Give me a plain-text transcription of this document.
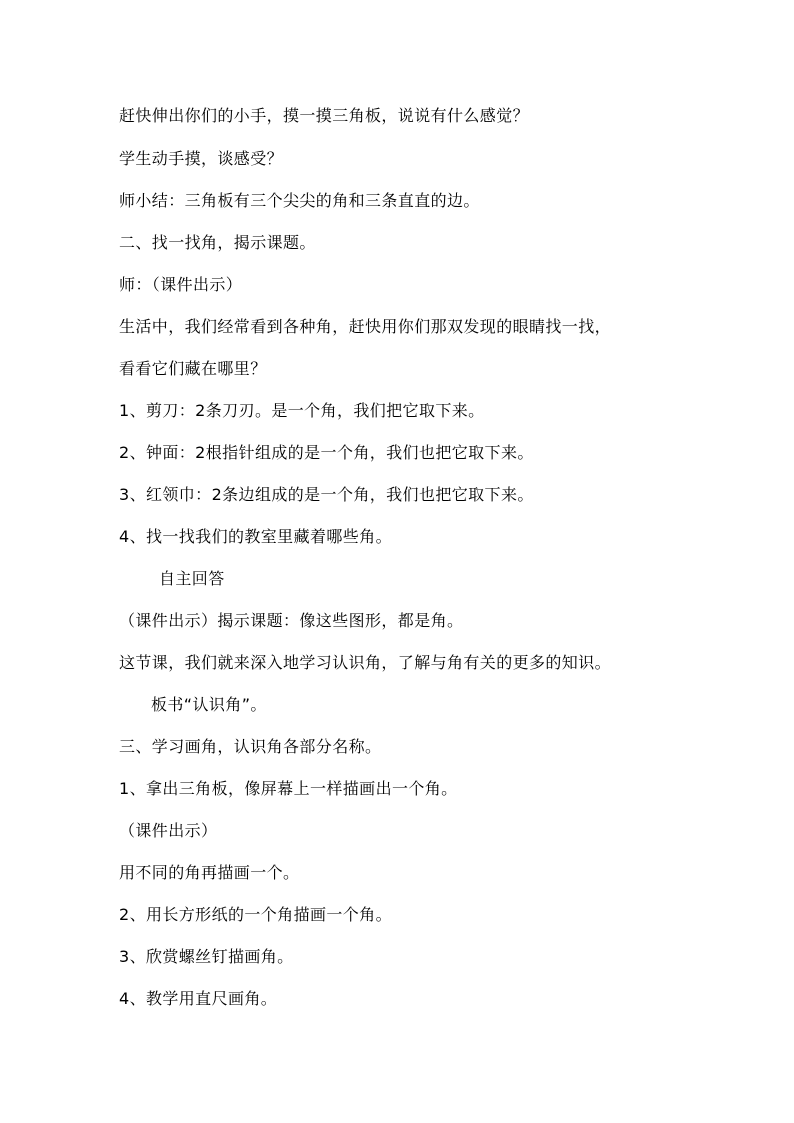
赶快伸出你们的小手，摸一摸三角板，说说有什么感觉？
学生动手摸，谈感受？
师小结：三角板有三个尖尖的角和三条直直的边。
二、找一找角，揭示课题。
师：（课件出示）
生活中，我们经常看到各种角，赶快用你们那双发现的眼睛找一找，
看看它们藏在哪里？
1、剪刀：2条刀刃。是一个角，我们把它取下来。
2、钟面：2根指针组成的是一个角，我们也把它取下来。
3、红领巾：2条边组成的是一个角，我们也把它取下来。
4、找一找我们的教室里藏着哪些角。
自主回答
（课件出示）揭示课题：像这些图形，都是角。
这节课，我们就来深入地学习认识角，了解与角有关的更多的知识。
板书“认识角”。
三、学习画角，认识角各部分名称。
1、拿出三角板，像屏幕上一样描画出一个角。
（课件出示）
用不同的角再描画一个。
2、用长方形纸的一个角描画一个角。
3、欣赏螺丝钉描画角。
4、教学用直尺画角。
